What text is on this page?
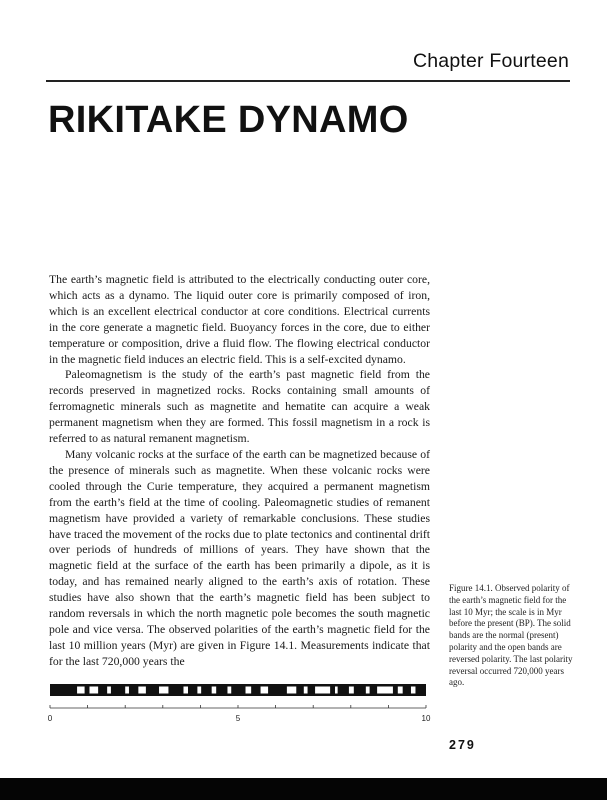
Chapter Fourteen
RIKITAKE DYNAMO

The earth’s magnetic field is attributed to the electrically conducting outer core, which acts as a dynamo. The liquid outer core is primarily composed of iron, which is an excellent electrical conductor at core conditions. Electrical currents in the core generate a magnetic field. Buoyancy forces in the core, due to either temperature or composition, drive a fluid flow. The flowing electrical conductor in the magnetic field induces an electric field. This is a self-excited dynamo.

Paleomagnetism is the study of the earth’s past magnetic field from the records preserved in magnetized rocks. Rocks containing small amounts of ferromagnetic minerals such as magnetite and hematite can acquire a weak permanent magnetism when they are formed. This fossil magnetism in a rock is referred to as natural remanent magnetism.

Many volcanic rocks at the surface of the earth can be magnetized because of the presence of minerals such as magnetite. When these volcanic rocks were cooled through the Curie temperature, they acquired a permanent magnetism from the earth’s field at the time of cooling. Paleomagnetic studies of remanent magnetism have provided a variety of remarkable conclusions. These studies have traced the movement of the rocks due to plate tectonics and continental drift over periods of hundreds of millions of years. They have shown that the magnetic field at the surface of the earth has been primarily a dipole, as it is today, and has remained nearly aligned to the earth’s axis of rotation. These studies have also shown that the earth’s magnetic field has been subject to random reversals in which the north magnetic pole becomes the south magnetic pole and vice versa. The observed polarities of the earth’s magnetic field for the last 10 million years (Myr) are given in Figure 14.1. Measurements indicate that for the last 720,000 years the

0	5	10
Figure 14.1. Observed polarity of the earth’s magnetic field for the last 10 Myr; the scale is in Myr before the present (BP). The solid bands are the normal (present) polarity and the open bands are reversed polarity. The last polarity reversal occurred 720,000 years ago.
279
